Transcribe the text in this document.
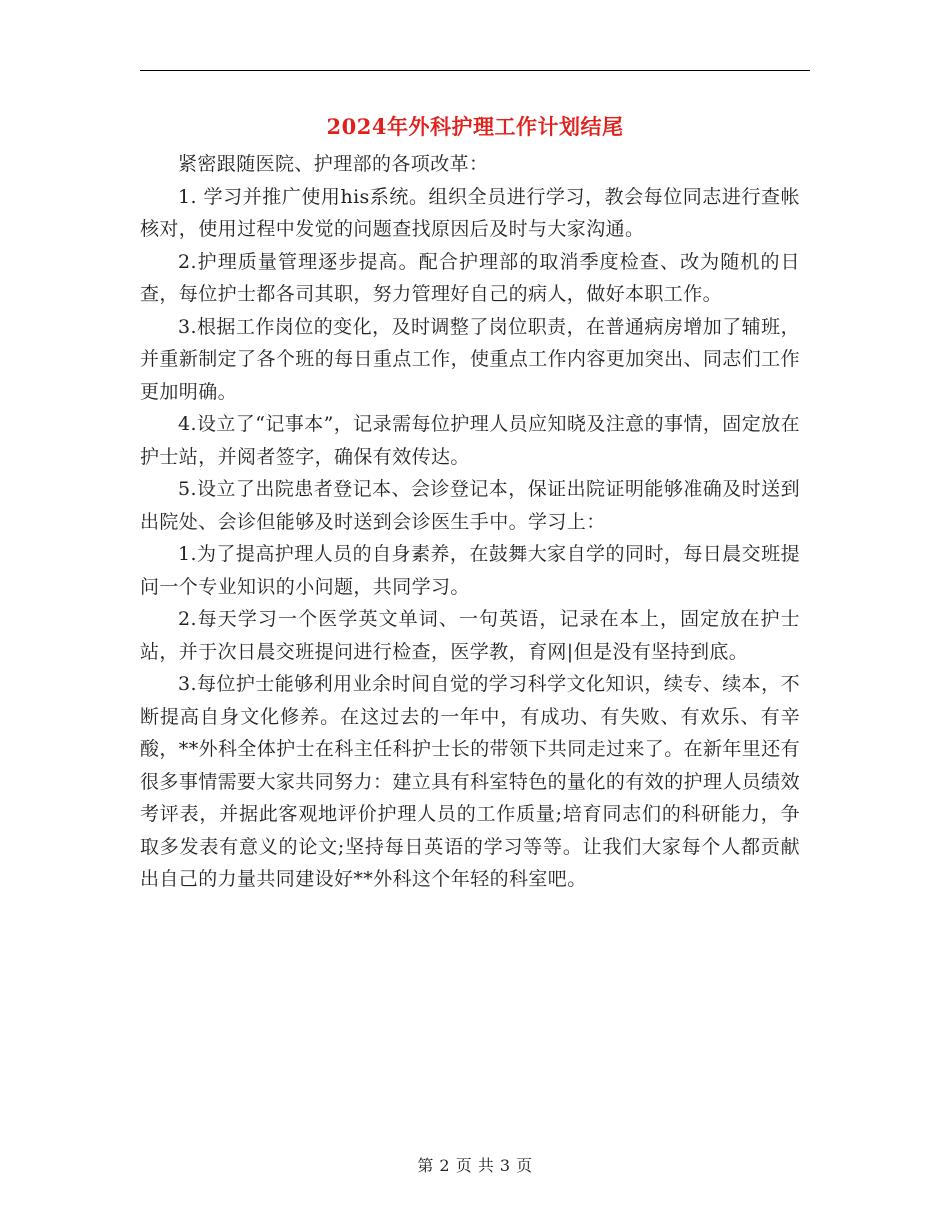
2024年外科护理工作计划结尾

紧密跟随医院、护理部的各项改革：

1. 学习并推广使用his系统。组织全员进行学习，教会每位同志进行查帐核对，使用过程中发觉的问题查找原因后及时与大家沟通。

2.护理质量管理逐步提高。配合护理部的取消季度检查、改为随机的日查，每位护士都各司其职，努力管理好自己的病人，做好本职工作。

3.根据工作岗位的变化，及时调整了岗位职责，在普通病房增加了辅班，并重新制定了各个班的每日重点工作，使重点工作内容更加突出、同志们工作更加明确。

4.设立了“记事本”，记录需每位护理人员应知晓及注意的事情，固定放在护士站，并阅者签字，确保有效传达。

5.设立了出院患者登记本、会诊登记本，保证出院证明能够准确及时送到出院处、会诊但能够及时送到会诊医生手中。学习上：

1.为了提高护理人员的自身素养，在鼓舞大家自学的同时，每日晨交班提问一个专业知识的小问题，共同学习。

2.每天学习一个医学英文单词、一句英语，记录在本上，固定放在护士站，并于次日晨交班提问进行检查，医学教，育网|但是没有坚持到底。

3.每位护士能够利用业余时间自觉的学习科学文化知识，续专、续本，不断提高自身文化修养。在这过去的一年中，有成功、有失败、有欢乐、有辛酸，**外科全体护士在科主任科护士长的带领下共同走过来了。在新年里还有很多事情需要大家共同努力：建立具有科室特色的量化的有效的护理人员绩效考评表，并据此客观地评价护理人员的工作质量;培育同志们的科研能力，争取多发表有意义的论文;坚持每日英语的学习等等。让我们大家每个人都贡献出自己的力量共同建设好**外科这个年轻的科室吧。

第 2 页 共 3 页
